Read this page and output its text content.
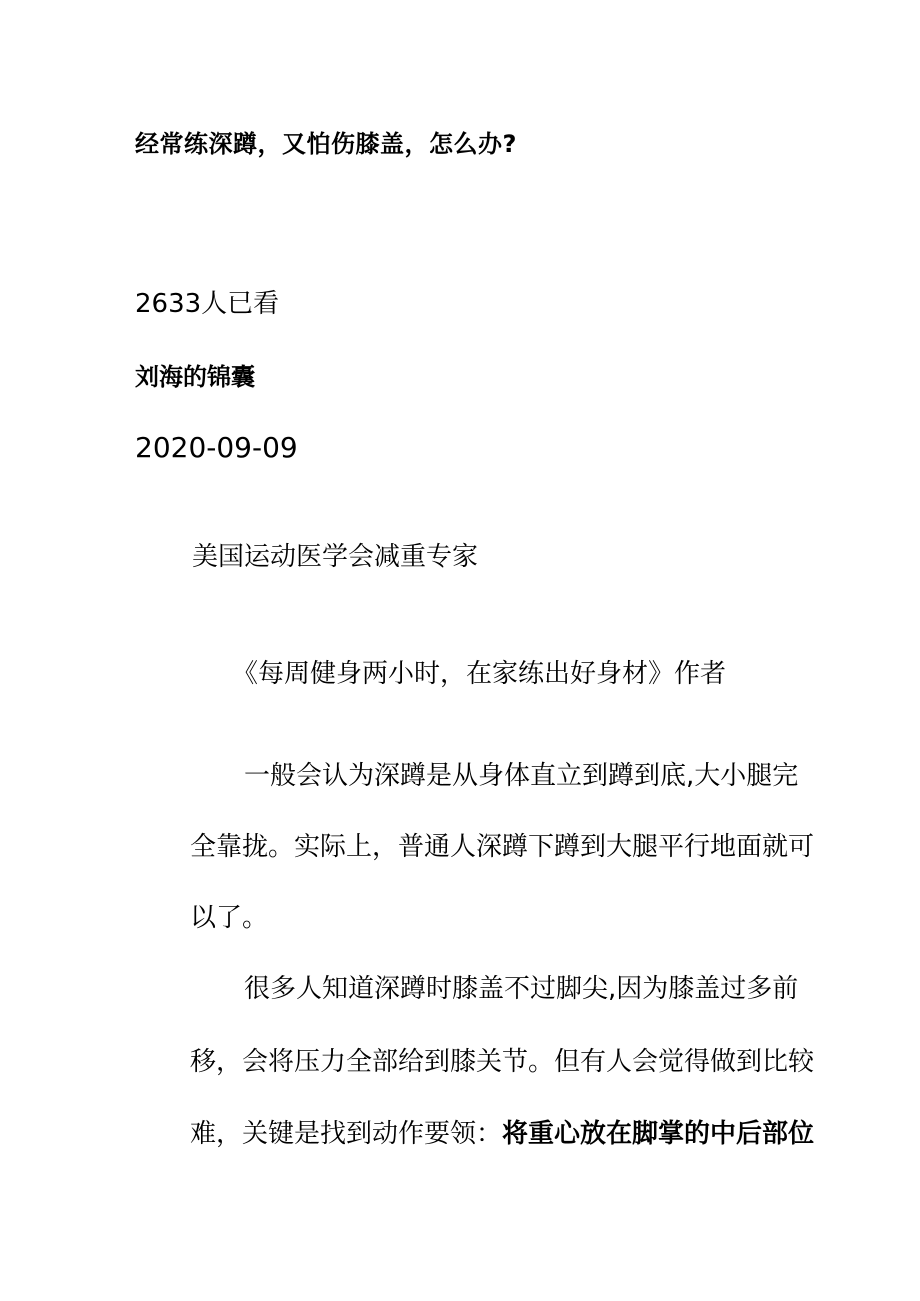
经常练深蹲，又怕伤膝盖，怎么办?

2633人已看

刘海的锦囊

2020-09-09

美国运动医学会减重专家

《每周健身两小时，在家练出好身材》作者

一般会认为深蹲是从身体直立到蹲到底,大小腿完

全靠拢。实际上，普通人深蹲下蹲到大腿平行地面就可

以了。

很多人知道深蹲时膝盖不过脚尖,因为膝盖过多前

移，会将压力全部给到膝关节。但有人会觉得做到比较

难，关键是找到动作要领：将重心放在脚掌的中后部位
